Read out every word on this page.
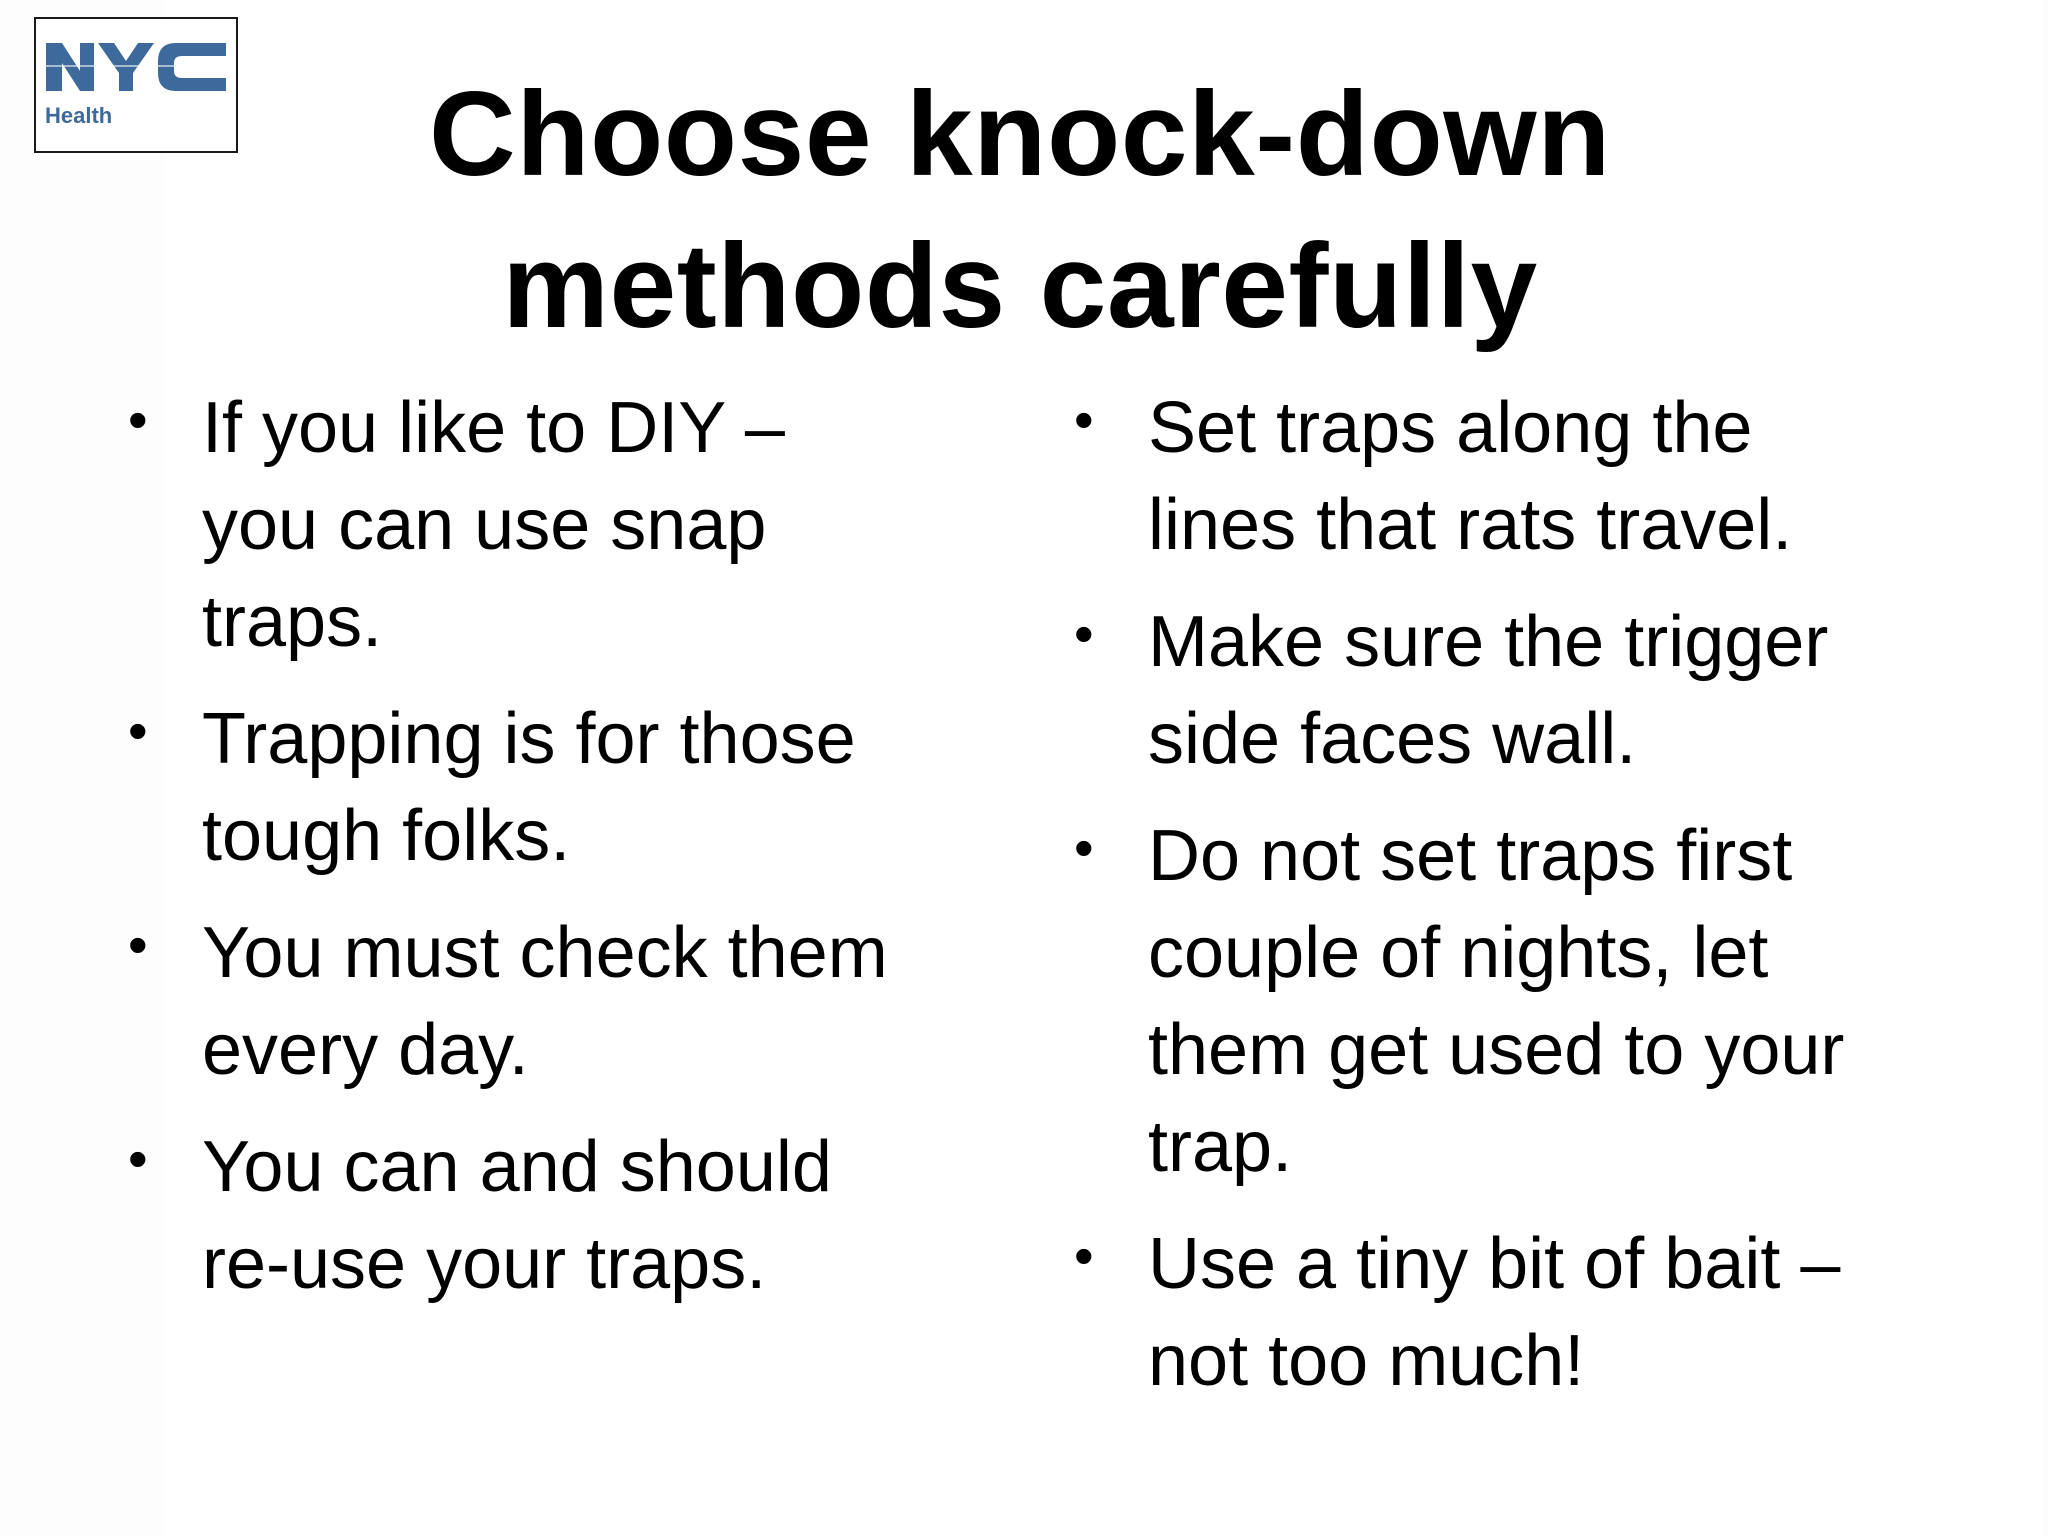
Health	Choose knock-down
methods carefully
• If you like to DIY –
you can use snap
traps.
• Trapping is for those
tough folks.
• You must check them
every day.
• You can and should
re-use your traps.
• Set traps along the
lines that rats travel.
• Make sure the trigger
side faces wall.
• Do not set traps first
couple of nights, let
them get used to your
trap.
• Use a tiny bit of bait –
not too much!
